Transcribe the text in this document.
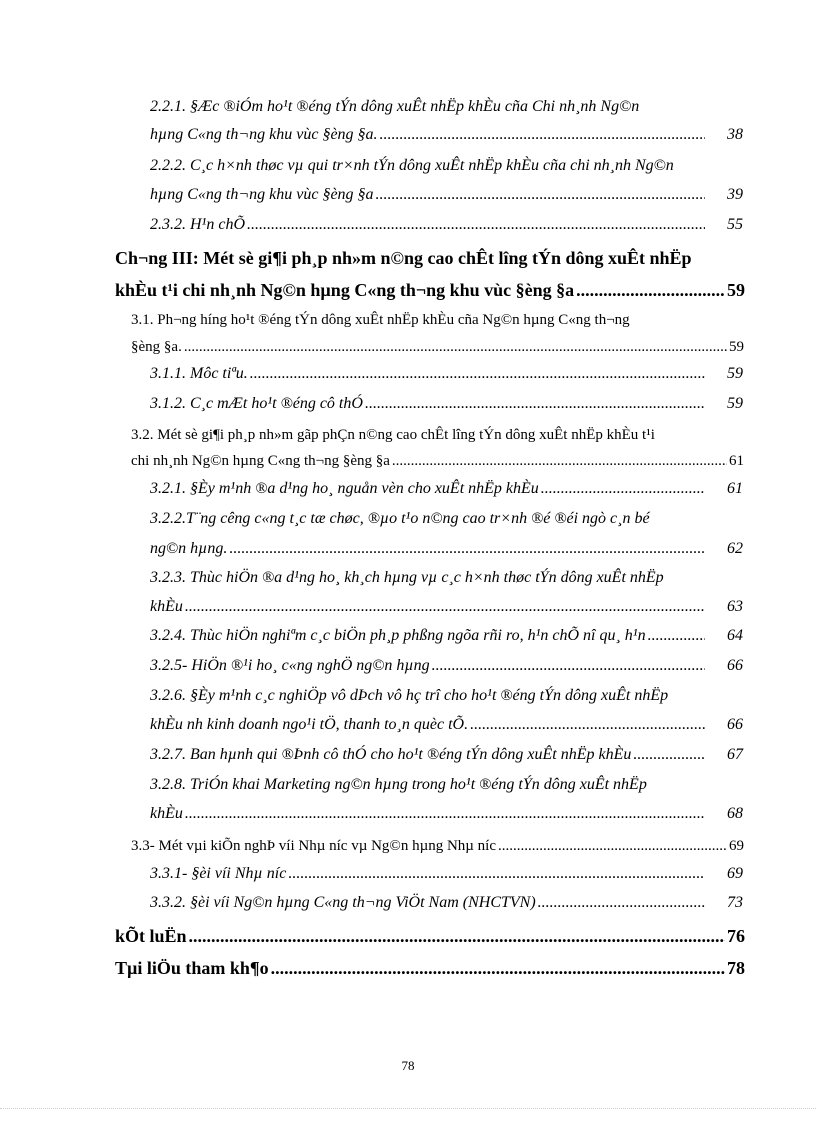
2.2.1. §Æc ®iÓm ho¹t ®éng tÝn dông xuÊt nhËp khÈu cña Chi nh¸nh Ng©n
hµng C«ng th¬ng khu vùc §èng §a. .....	38
2.2.2. C¸c h×nh thøc vµ qui tr×nh tÝn dông xuÊt nhËp khÈu cña chi nh¸nh Ng©n
hµng C«ng th¬ng khu vùc §èng §a .....	39
2.3.2. H¹n chÕ .....	55
Ch¬ng III: Mét sè gi¶i ph¸p nh»m n©ng cao chÊt lîng tÝn dông xuÊt nhËp
khÈu t¹i chi nh¸nh Ng©n hµng C«ng th¬ng khu vùc §èng §a .....	59
3.1. Ph¬ng híng ho¹t ®éng tÝn dông xuÊt nhËp khÈu cña Ng©n hµng C«ng th¬ng
§èng §a. .....	59
3.1.1. Môc tiªu. .....	59
3.1.2. C¸c mÆt ho¹t ®éng cô thÓ .....	59
3.2. Mét sè gi¶i ph¸p nh»m gãp phÇn n©ng cao chÊt lîng tÝn dông xuÊt nhËp khÈu t¹i
chi nh¸nh Ng©n hµng C«ng th¬ng §èng §a .....	61
3.2.1. §Èy m¹nh ®a d¹ng ho¸ nguån vèn cho xuÊt nhËp khÈu .....	61
3.2.2.T¨ng cêng c«ng t¸c tæ chøc, ®µo t¹o n©ng cao tr×nh ®é ®éi ngò c¸n bé
ng©n hµng. .....	62
3.2.3. Thùc hiÖn ®a d¹ng ho¸ kh¸ch hµng vµ c¸c h×nh thøc tÝn dông xuÊt nhËp
khÈu .....	63
3.2.4. Thùc hiÖn nghiªm c¸c biÖn ph¸p phßng ngõa rñi ro, h¹n chÕ nî qu¸ h¹n .....	64
3.2.5- HiÖn ®¹i ho¸ c«ng nghÖ ng©n hµng .....	66
3.2.6. §Èy m¹nh c¸c nghiÖp vô dÞch vô hç trî cho ho¹t ®éng tÝn dông xuÊt nhËp
khÈu nh kinh doanh ngo¹i tÖ, thanh to¸n quèc tÕ. .....	66
3.2.7. Ban hµnh qui ®Þnh cô thÓ cho ho¹t ®éng tÝn dông xuÊt nhËp khÈu .....	67
3.2.8. TriÓn khai Marketing ng©n hµng trong ho¹t ®éng tÝn dông xuÊt nhËp
khÈu .....	68
3.3- Mét vµi kiÕn nghÞ víi Nhµ níc vµ Ng©n hµng Nhµ níc .....	69
3.3.1- §èi víi Nhµ níc .....	69
3.3.2. §èi víi Ng©n hµng C«ng th¬ng ViÖt Nam (NHCTVN) .....	73
kÕt luËn .....	76
Tµi liÖu tham kh¶o .....	78
78
